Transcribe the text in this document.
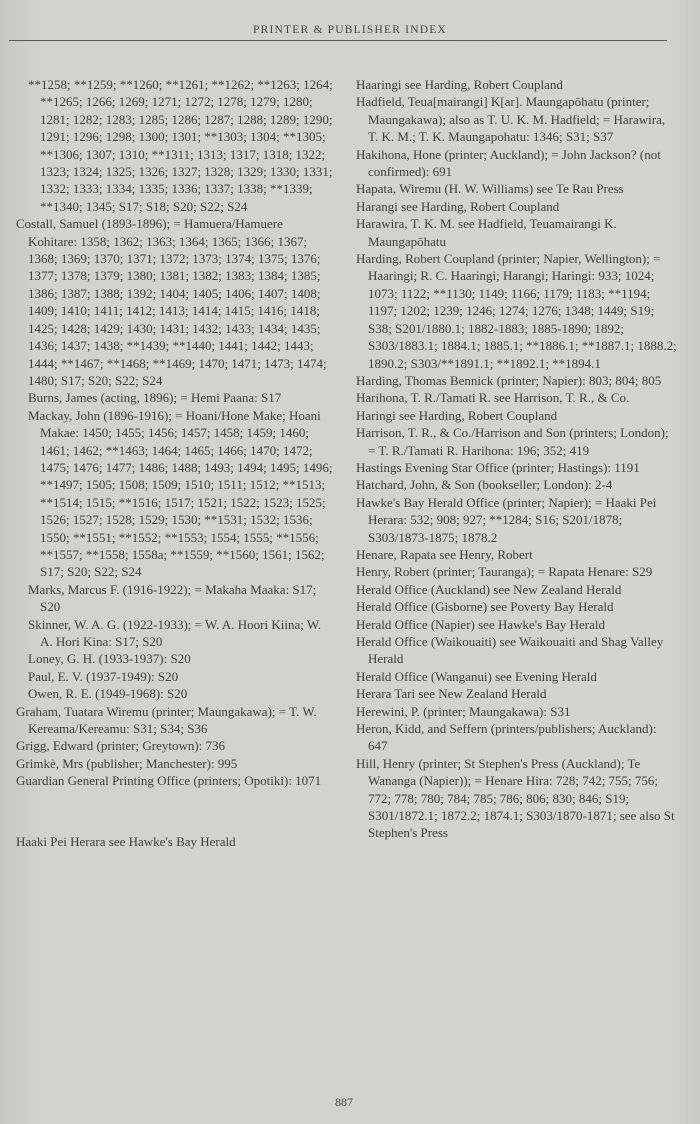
PRINTER & PUBLISHER INDEX

**1258; **1259; **1260; **1261; **1262; **1263; 1264; **1265; 1266; 1269; 1271; 1272; 1278; 1279; 1280; 1281; 1282; 1283; 1285; 1286; 1287; 1288; 1289; 1290; 1291; 1296; 1298; 1300; 1301; **1303; 1304; **1305; **1306; 1307; 1310; **1311; 1313; 1317; 1318; 1322; 1323; 1324; 1325; 1326; 1327; 1328; 1329; 1330; 1331; 1332; 1333; 1334; 1335; 1336; 1337; 1338; **1339; **1340; 1345; S17; S18; S20; S22; S24

Costall, Samuel (1893-1896); = Hamuera/Hamuere Kohitare: 1358; 1362; 1363; 1364; 1365; 1366; 1367; 1368; 1369; 1370; 1371; 1372; 1373; 1374; 1375; 1376; 1377; 1378; 1379; 1380; 1381; 1382; 1383; 1384; 1385; 1386; 1387; 1388; 1392; 1404; 1405; 1406; 1407; 1408; 1409; 1410; 1411; 1412; 1413; 1414; 1415; 1416; 1418; 1425; 1428; 1429; 1430; 1431; 1432; 1433; 1434; 1435; 1436; 1437; 1438; **1439; **1440; 1441; 1442; 1443; 1444; **1467; **1468; **1469; 1470; 1471; 1473; 1474; 1480; S17; S20; S22; S24

Burns, James (acting, 1896); = Hemi Paana: S17

Mackay, John (1896-1916); = Hoani/Hone Make; Hoani Makae: 1450; 1455; 1456; 1457; 1458; 1459; 1460; 1461; 1462; **1463; 1464; 1465; 1466; 1470; 1472; 1475; 1476; 1477; 1486; 1488; 1493; 1494; 1495; 1496; **1497; 1505; 1508; 1509; 1510; 1511; 1512; **1513; **1514; 1515; **1516; 1517; 1521; 1522; 1523; 1525; 1526; 1527; 1528; 1529; 1530; **1531; 1532; 1536; 1550; **1551; **1552; **1553; 1554; 1555; **1556; **1557; **1558; 1558a; **1559; **1560; 1561; 1562; S17; S20; S22; S24

Marks, Marcus F. (1916-1922); = Makaha Maaka: S17; S20

Skinner, W. A. G. (1922-1933); = W. A. Hoori Kiina; W. A. Hori Kina: S17; S20

Loney, G. H. (1933-1937): S20

Paul, E. V. (1937-1949): S20

Owen, R. E. (1949-1968): S20

Graham, Tuatara Wiremu (printer; Maungakawa); = T. W. Kereama/Kereamu: S31; S34; S36

Grigg, Edward (printer; Greytown): 736

Grimkè, Mrs (publisher; Manchester): 995

Guardian General Printing Office (printers; Opotiki): 1071

Haaki Pei Herara see Hawke's Bay Herald

Haaringi see Harding, Robert Coupland

Hadfield, Teua[mairangi] K[ar]. Maungapōhatu (printer; Maungakawa); also as T. U. K. M. Hadfield; = Harawira, T. K. M.; T. K. Maungapohatu: 1346; S31; S37

Hakihona, Hone (printer; Auckland); = John Jackson? (not confirmed): 691

Hapata, Wiremu (H. W. Williams) see Te Rau Press

Harangi see Harding, Robert Coupland

Harawira, T. K. M. see Hadfield, Teuamairangi K. Maungapōhatu

Harding, Robert Coupland (printer; Napier, Wellington); = Haaringi; R. C. Haaringi; Harangi; Haringi: 933; 1024; 1073; 1122; **1130; 1149; 1166; 1179; 1183; **1194; 1197; 1202; 1239; 1246; 1274; 1276; 1348; 1449; S19; S38; S201/1880.1; 1882-1883; 1885-1890; 1892; S303/1883.1; 1884.1; 1885.1; **1886.1; **1887.1; 1888.2; 1890.2; S303/**1891.1; **1892.1; **1894.1

Harding, Thomas Bennick (printer; Napier): 803; 804; 805

Harihona, T. R./Tamati R. see Harrison, T. R., & Co.

Haringi see Harding, Robert Coupland

Harrison, T. R., & Co./Harrison and Son (printers; London); = T. R./Tamati R. Harihona: 196; 352; 419

Hastings Evening Star Office (printer; Hastings): 1191

Hatchard, John, & Son (bookseller; London): 2-4

Hawke's Bay Herald Office (printer; Napier); = Haaki Pei Herara: 532; 908; 927; **1284; S16; S201/1878; S303/1873-1875; 1878.2

Henare, Rapata see Henry, Robert

Henry, Robert (printer; Tauranga); = Rapata Henare: S29

Herald Office (Auckland) see New Zealand Herald

Herald Office (Gisborne) see Poverty Bay Herald

Herald Office (Napier) see Hawke's Bay Herald

Herald Office (Waikouaiti) see Waikouaiti and Shag Valley Herald

Herald Office (Wanganui) see Evening Herald

Herara Tari see New Zealand Herald

Herewini, P. (printer; Maungakawa): S31

Heron, Kidd, and Seffern (printers/publishers; Auckland): 647

Hill, Henry (printer; St Stephen's Press (Auckland); Te Wananga (Napier)); = Henare Hira: 728; 742; 755; 756; 772; 778; 780; 784; 785; 786; 806; 830; 846; S19; S301/1872.1; 1872.2; 1874.1; S303/1870-1871; see also St Stephen's Press

887
